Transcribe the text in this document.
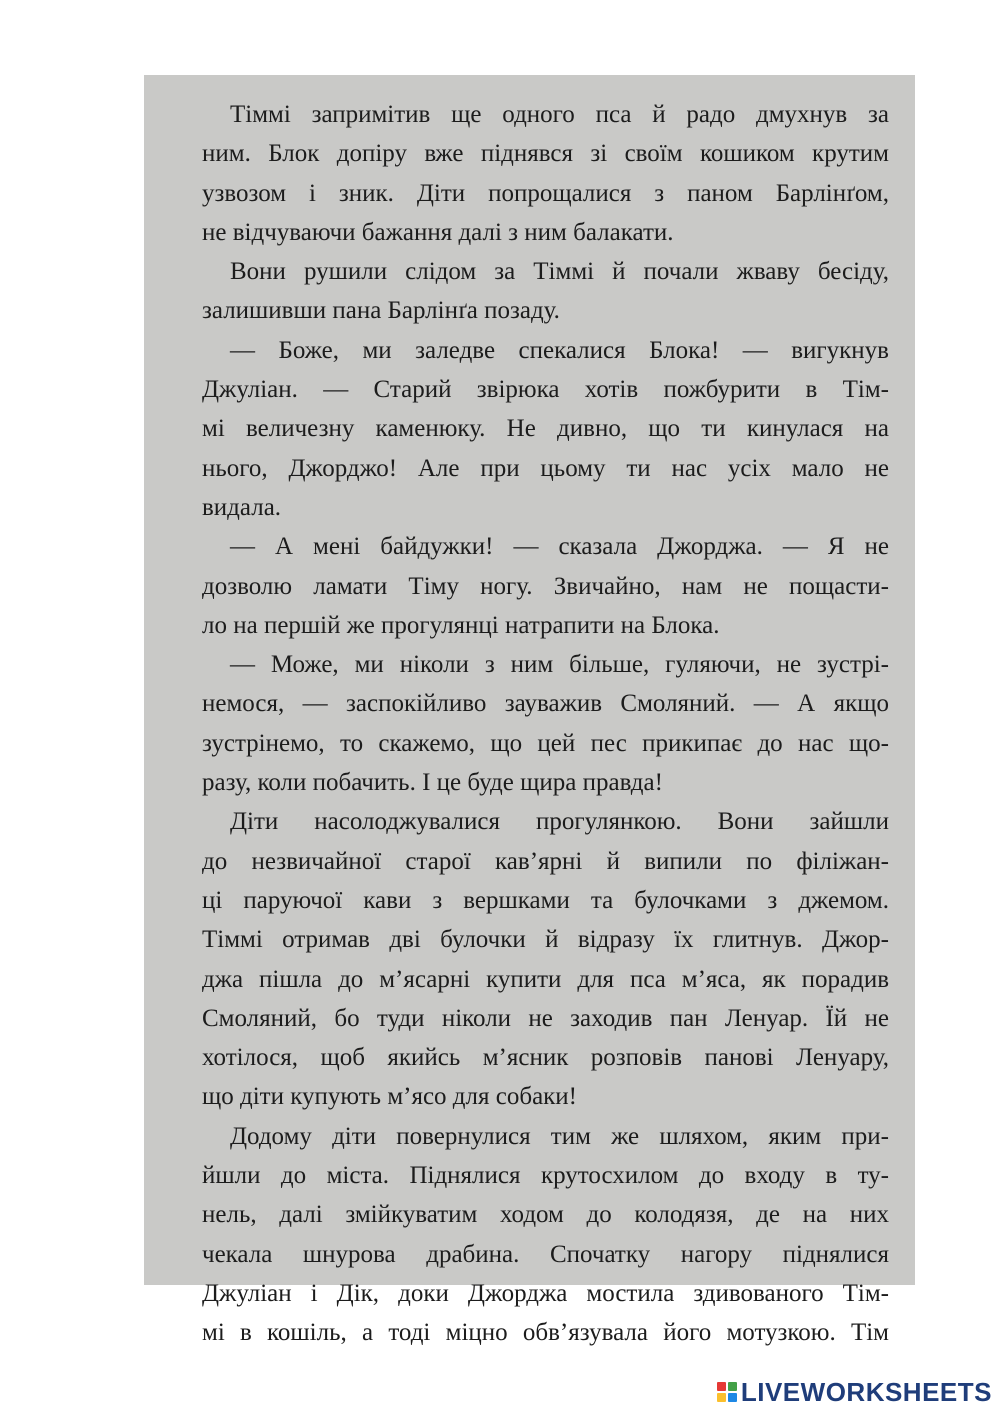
Тіммі запримітив ще одного пса й радо дмухнув за
ним. Блок допіру вже піднявся зі своїм кошиком крутим
узвозом і зник. Діти попрощалися з паном Барлінґом,
не відчуваючи бажання далі з ним балакати.
Вони рушили слідом за Тіммі й почали жваву бесіду,
залишивши пана Барлінґа позаду.
— Боже, ми заледве спекалися Блока! — вигукнув
Джуліан. — Старий звірюка хотів пожбурити в Тім-
мі величезну каменюку. Не дивно, що ти кинулася на
нього, Джорджо! Але при цьому ти нас усіх мало не
видала.
— А мені байдужки! — сказала Джорджа. — Я не
дозволю ламати Тіму ногу. Звичайно, нам не пощасти-
ло на першій же прогулянці натрапити на Блока.
— Може, ми ніколи з ним більше, гуляючи, не зустрі-
немося, — заспокійливо зауважив Смоляний. — А якщо
зустрінемо, то скажемо, що цей пес прикипає до нас що-
разу, коли побачить. І це буде щира правда!
Діти насолоджувалися прогулянкою. Вони зайшли
до незвичайної старої кав’ярні й випили по філіжан-
ці паруючої кави з вершками та булочками з джемом.
Тіммі отримав дві булочки й відразу їх глитнув. Джор-
джа пішла до м’ясарні купити для пса м’яса, як порадив
Смоляний, бо туди ніколи не заходив пан Ленуар. Їй не
хотілося, щоб якийсь м’ясник розповів панові Ленуару,
що діти купують м’ясо для собаки!
Додому діти повернулися тим же шляхом, яким при-
йшли до міста. Піднялися крутосхилом до входу в ту-
нель, далі змійкуватим ходом до колодязя, де на них
чекала шнурова драбина. Спочатку нагору піднялися
Джуліан і Дік, доки Джорджа мостила здивованого Тім-
мі в кошіль, а тоді міцно обв’язувала його мотузкою. Тім
LIVEWORKSHEETS
